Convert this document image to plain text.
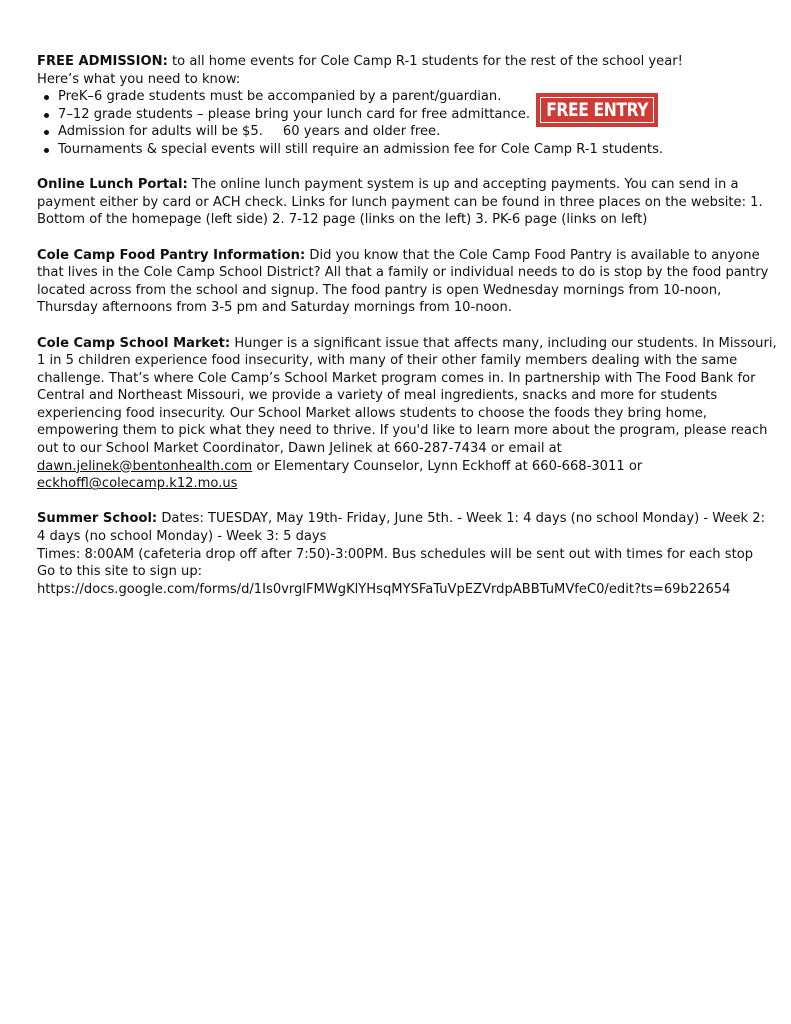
FREE ENTRY

FREE ADMISSION: to all home events for Cole Camp R-1 students for the rest of the school year!

Here’s what you need to know:

PreK–6 grade students must be accompanied by a parent/guardian.
7–12 grade students – please bring your lunch card for free admittance.
Admission for adults will be $5. 60 years and older free.
Tournaments & special events will still require an admission fee for Cole Camp R-1 students.

Online Lunch Portal: The online lunch payment system is up and accepting payments. You can send in a payment either by card or ACH check. Links for lunch payment can be found in three places on the website: 1. Bottom of the homepage (left side) 2. 7-12 page (links on the left) 3. PK-6 page (links on left)

Cole Camp Food Pantry Information: Did you know that the Cole Camp Food Pantry is available to anyone that lives in the Cole Camp School District? All that a family or individual needs to do is stop by the food pantry located across from the school and signup. The food pantry is open Wednesday mornings from 10-noon, Thursday afternoons from 3-5 pm and Saturday mornings from 10-noon.

Cole Camp School Market: Hunger is a significant issue that affects many, including our students. In Missouri, 1 in 5 children experience food insecurity, with many of their other family members dealing with the same challenge. That’s where Cole Camp’s School Market program comes in. In partnership with The Food Bank for Central and Northeast Missouri, we provide a variety of meal ingredients, snacks and more for students experiencing food insecurity. Our School Market allows students to choose the foods they bring home, empowering them to pick what they need to thrive. If you'd like to learn more about the program, please reach out to our School Market Coordinator, Dawn Jelinek at 660-287-7434 or email at dawn.jelinek@bentonhealth.com or Elementary Counselor, Lynn Eckhoff at 660-668-3011 or eckhoffl@colecamp.k12.mo.us

Summer School: Dates: TUESDAY, May 19th- Friday, June 5th. - Week 1: 4 days (no school Monday) - Week 2: 4 days (no school Monday) - Week 3: 5 days

Times: 8:00AM (cafeteria drop off after 7:50)-3:00PM. Bus schedules will be sent out with times for each stop

Go to this site to sign up:

https://docs.google.com/forms/d/1Is0vrglFMWgKlYHsqMYSFaTuVpEZVrdpABBTuMVfeC0/edit?ts=69b22654
